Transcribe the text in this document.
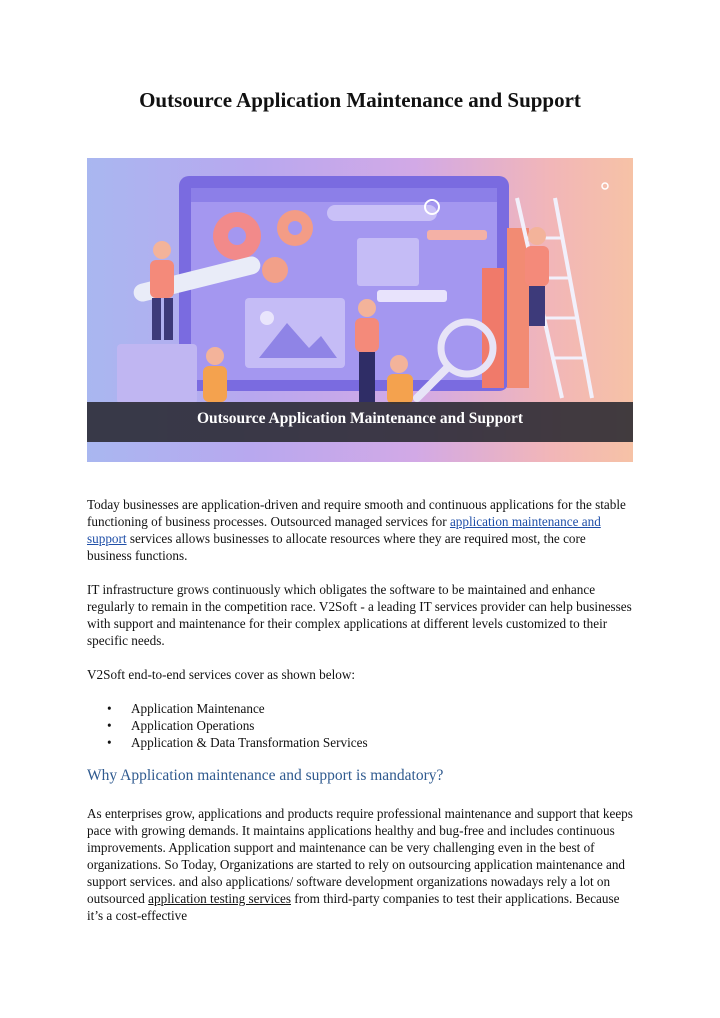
Outsource Application Maintenance and Support
Outsource Application Maintenance and Support

Today businesses are application-driven and require smooth and continuous applications for the stable functioning of business processes. Outsourced managed services for application maintenance and support services allows businesses to allocate resources where they are required most, the core business functions.

IT infrastructure grows continuously which obligates the software to be maintained and enhance regularly to remain in the competition race. V2Soft - a leading IT services provider can help businesses with support and maintenance for their complex applications at different levels customized to their specific needs.

V2Soft end-to-end services cover as shown below:

• Application Maintenance
• Application Operations
• Application & Data Transformation Services
Why Application maintenance and support is mandatory?

As enterprises grow, applications and products require professional maintenance and support that keeps pace with growing demands. It maintains applications healthy and bug-free and includes continuous improvements. Application support and maintenance can be very challenging even in the best of organizations. So Today, Organizations are started to rely on outsourcing application maintenance and support services. and also applications/ software development organizations nowadays rely a lot on outsourced application testing services from third-party companies to test their applications. Because it’s a cost-effective
